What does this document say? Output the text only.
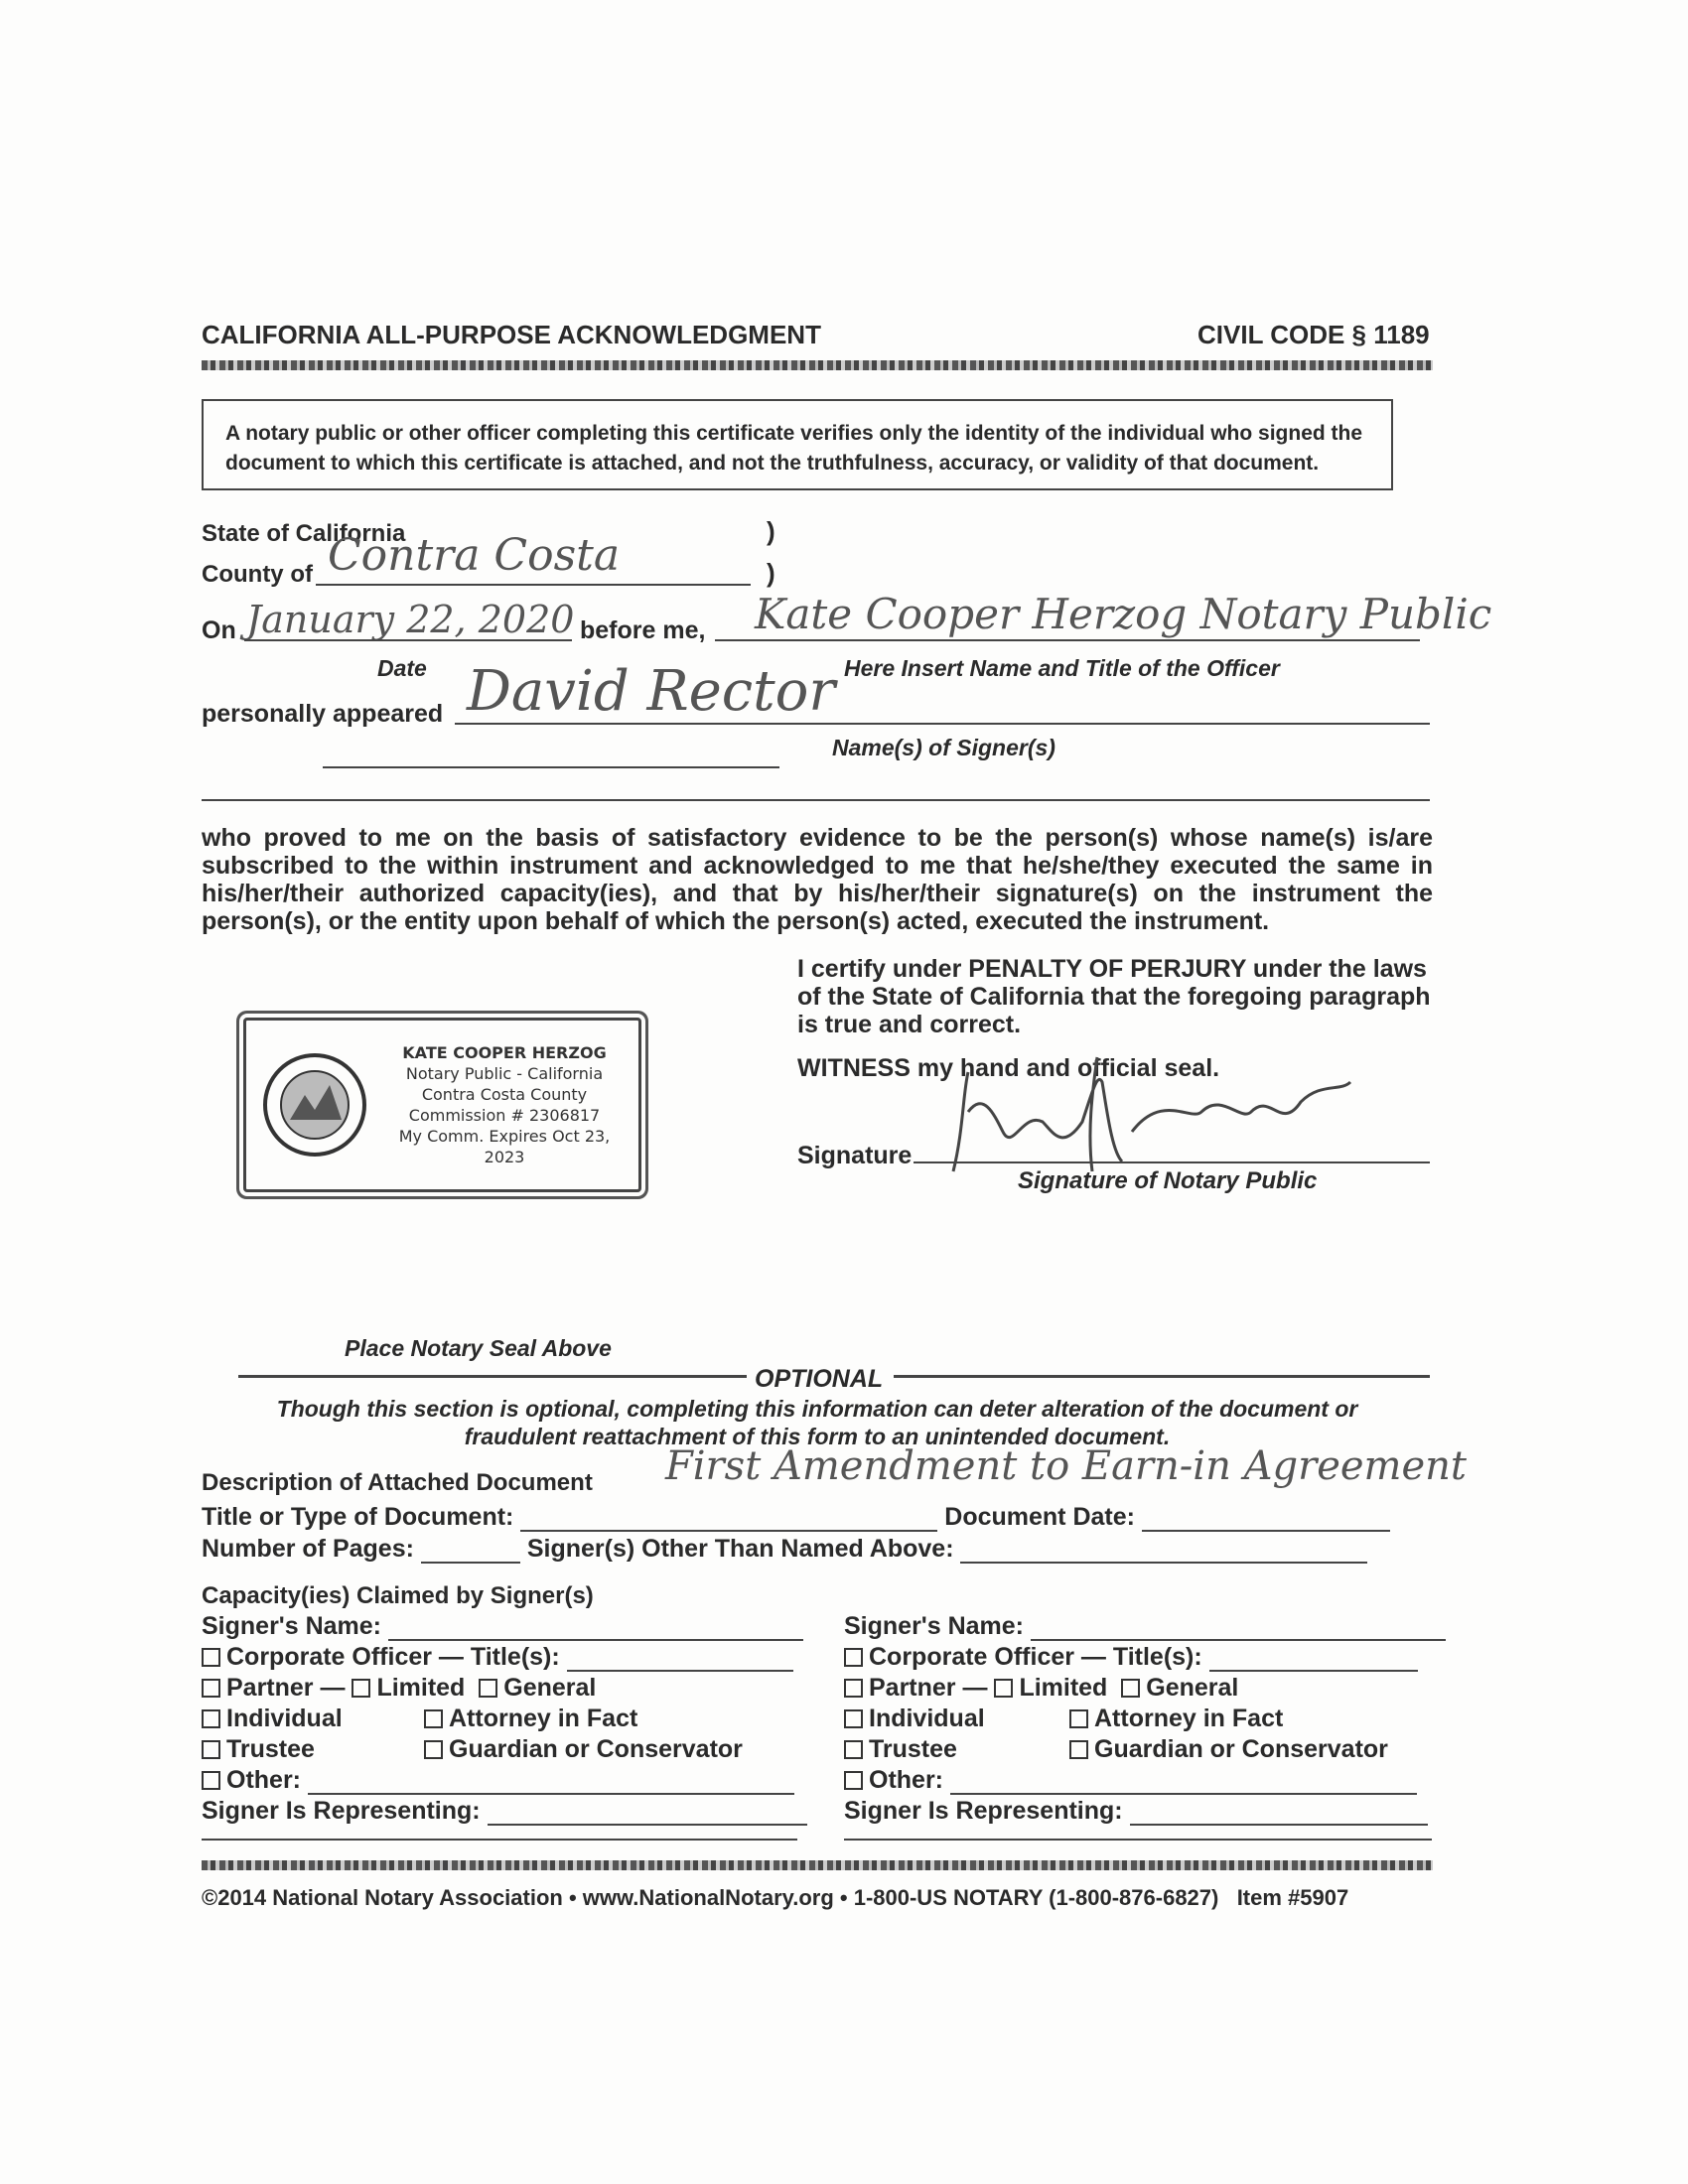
CALIFORNIA ALL-PURPOSE ACKNOWLEDGMENT	CIVIL CODE § 1189
A notary public or other officer completing this certificate verifies only the identity of the individual who signed the document to which this certificate is attached, and not the truthfulness, accuracy, or validity of that document.
State of California	)
County of Contra Costa	)
On January 22, 2020 before me, Kate Cooper Herzog Notary Public
Date	Here Insert Name and Title of the Officer
personally appeared David Rector
Name(s) of Signer(s)
who proved to me on the basis of satisfactory evidence to be the person(s) whose name(s) is/are subscribed to the within instrument and acknowledged to me that he/she/they executed the same in his/her/their authorized capacity(ies), and that by his/her/their signature(s) on the instrument the person(s), or the entity upon behalf of which the person(s) acted, executed the instrument.
I certify under PENALTY OF PERJURY under the laws of the State of California that the foregoing paragraph is true and correct.
WITNESS my hand and official seal.
Signature
Signature of Notary Public
KATE COOPER HERZOG
Notary Public - California
Contra Costa County
Commission # 2306817
My Comm. Expires Oct 23, 2023
Place Notary Seal Above
OPTIONAL
Though this section is optional, completing this information can deter alteration of the document or
fraudulent reattachment of this form to an unintended document.
Description of Attached Document First Amendment to Earn-in Agreement
Title or Type of Document:	Document Date:
Number of Pages:	Signer(s) Other Than Named Above:
Capacity(ies) Claimed by Signer(s)
Signer's Name:
Corporate Officer — Title(s):
Partner — Limited General
Individual	Attorney in Fact
Trustee	Guardian or Conservator
Other:
Signer Is Representing:
Signer's Name:
Corporate Officer — Title(s):
Partner — Limited General
Individual	Attorney in Fact
Trustee	Guardian or Conservator
Other:
Signer Is Representing:
©2014 National Notary Association • www.NationalNotary.org • 1-800-US NOTARY (1-800-876-6827)   Item #5907
